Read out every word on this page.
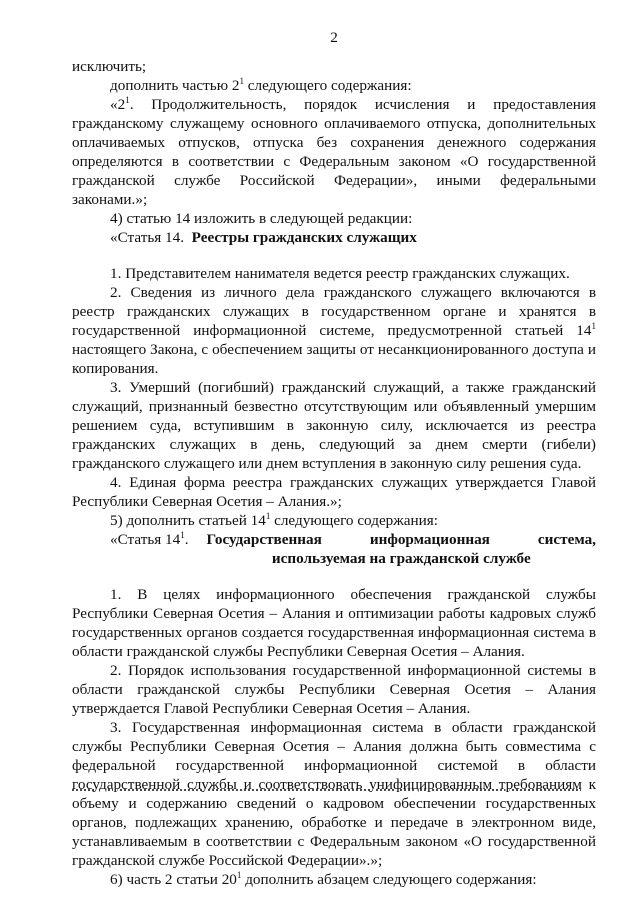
2

исключить;

дополнить частью $2^1$ следующего содержания:

«$2^1$. Продолжительность, порядок исчисления и предоставления гражданскому служащему основного оплачиваемого отпуска, дополнительных оплачиваемых отпусков, отпуска без сохранения денежного содержания определяются в соответствии с Федеральным законом «О государственной гражданской службе Российской Федерации», иными федеральными законами.»;

4) статью 14 изложить в следующей редакции:

«Статья 14. Реестры гражданских служащих

1. Представителем нанимателя ведется реестр гражданских служащих.

2. Сведения из личного дела гражданского служащего включаются в реестр гражданских служащих в государственном органе и хранятся в государственной информационной системе, предусмотренной статьей $14^1$ настоящего Закона, с обеспечением защиты от несанкционированного доступа и копирования.

3. Умерший (погибший) гражданский служащий, а также гражданский служащий, признанный безвестно отсутствующим или объявленный умершим решением суда, вступившим в законную силу, исключается из реестра гражданских служащих в день, следующий за днем смерти (гибели) гражданского служащего или днем вступления в законную силу решения суда.

4. Единая форма реестра гражданских служащих утверждается Главой Республики Северная Осетия – Алания.»;

5) дополнить статьей $14^1$ следующего содержания:

«Статья $14^1$.	Государственная	информационная	система,
используемая на гражданской службе

1. В целях информационного обеспечения гражданской службы Республики Северная Осетия – Алания и оптимизации работы кадровых служб государственных органов создается государственная информационная система в области гражданской службы Республики Северная Осетия – Алания.

2. Порядок использования государственной информационной системы в области гражданской службы Республики Северная Осетия – Алания утверждается Главой Республики Северная Осетия – Алания.

3. Государственная информационная система в области гражданской службы Республики Северная Осетия – Алания должна быть совместима с федеральной государственной информационной системой в области государственной службы и соответствовать унифицированным требованиям к объему и содержанию сведений о кадровом обеспечении государственных органов, подлежащих хранению, обработке и передаче в электронном виде, устанавливаемым в соответствии с Федеральным законом «О государственной гражданской службе Российской Федерации».»;

6) часть 2 статьи $20^1$ дополнить абзацем следующего содержания:
